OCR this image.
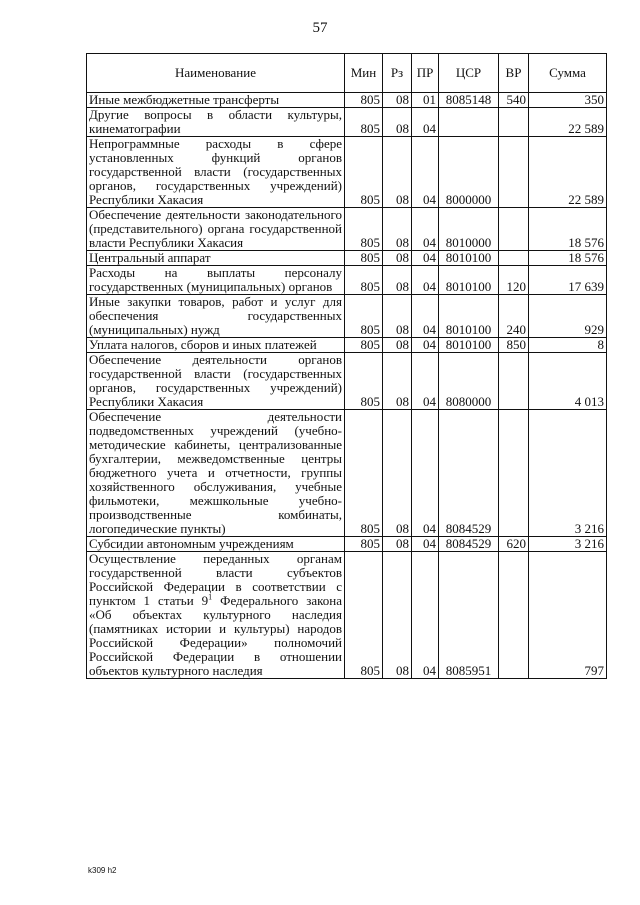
57
Наименование	Мин	Рз	ПР	ЦСР	ВР	Сумма
Иные межбюджетные трансферты	805	08	01	8085148	540	350
Другие вопросы в области культуры, кинематографии	805	08	04			22 589
Непрограммные расходы в сфере установленных функций органов государственной власти (государственных органов, государственных учреждений) Республики Хакасия	805	08	04	8000000		22 589
Обеспечение деятельности законодательного (представительного) органа государственной власти Республики Хакасия	805	08	04	8010000		18 576
Центральный аппарат	805	08	04	8010100		18 576
Расходы на выплаты персоналу государственных (муниципальных) органов	805	08	04	8010100	120	17 639
Иные закупки товаров, работ и услуг для обеспечения государственных (муниципальных) нужд	805	08	04	8010100	240	929
Уплата налогов, сборов и иных платежей	805	08	04	8010100	850	8
Обеспечение деятельности органов государственной власти (государственных органов, государственных учреждений) Республики Хакасия	805	08	04	8080000		4 013
Обеспечение деятельности подведомственных учреждений (учебно-методические кабинеты, централизованные бухгалтерии, межведомственные центры бюджетного учета и отчетности, группы хозяйственного обслуживания, учебные фильмотеки, межшкольные учебно-производственные комбинаты, логопедические пункты)	805	08	04	8084529		3 216
Субсидии автономным учреждениям	805	08	04	8084529	620	3 216
Осуществление переданных органам государственной власти субъектов Российской Федерации в соответствии с пунктом 1 статьи $9^1$ Федерального закона «Об объектах культурного наследия (памятниках истории и культуры) народов Российской Федерации» полномочий Российской Федерации в отношении объектов культурного наследия	805	08	04	8085951		797
k309 h2
